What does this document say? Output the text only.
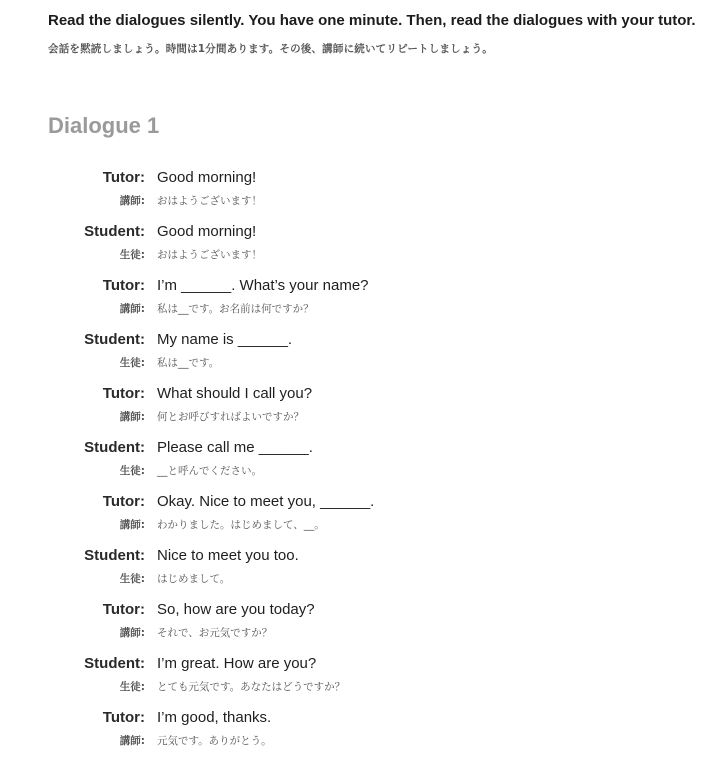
Read the dialogues silently. You have one minute. Then, read the dialogues with your tutor.

会話を黙読しましょう。時間は1分間あります。その後、講師に続いてリピートしましょう。

Dialogue 1
Tutor: Good morning!
講師: おはようございます！
Student: Good morning!
生徒: おはようございます！
Tutor: I’m ______. What’s your name?
講師: 私は__です。お名前は何ですか？
Student: My name is ______.
生徒: 私は__です。
Tutor: What should I call you?
講師: 何とお呼びすればよいですか？
Student: Please call me ______.
生徒: __と呼んでください。
Tutor: Okay. Nice to meet you, ______.
講師: わかりました。はじめまして、__。
Student: Nice to meet you too.
生徒: はじめまして。
Tutor: So, how are you today?
講師: それで、お元気ですか？
Student: I’m great. How are you?
生徒: とても元気です。あなたはどうですか？
Tutor: I’m good, thanks.
講師: 元気です。ありがとう。
